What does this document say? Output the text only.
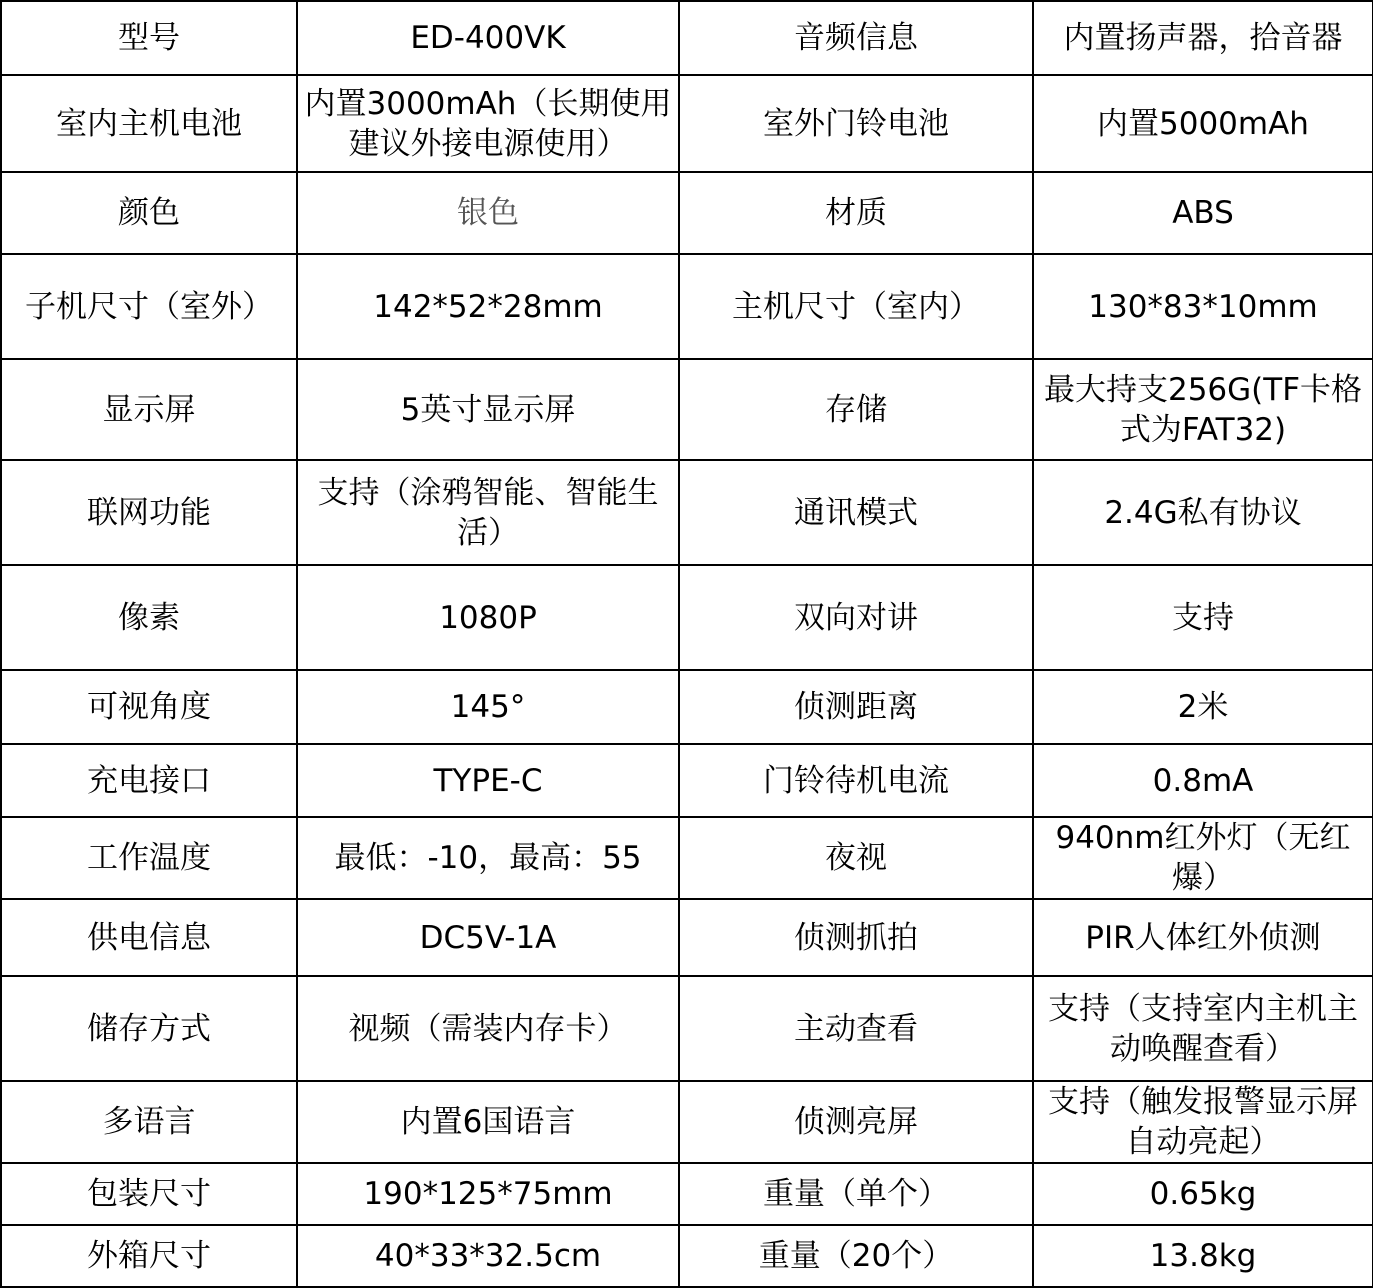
型号	ED-400VK	音频信息	内置扬声器，拾音器
室内主机电池	内置3000mAh（长期使用建议外接电源使用）	室外门铃电池	内置5000mAh
颜色	银色	材质	ABS
子机尺寸（室外）	142*52*28mm	主机尺寸（室内）	130*83*10mm
显示屏	5英寸显示屏	存储	最大持支256G(TF卡格式为FAT32)
联网功能	支持（涂鸦智能、智能生活）	通讯模式	2.4G私有协议
像素	1080P	双向对讲	支持
可视角度	145°	侦测距离	2米
充电接口	TYPE-C	门铃待机电流	0.8mA
工作温度	最低：-10，最高：55	夜视	940nm红外灯（无红爆）
供电信息	DC5V-1A	侦测抓拍	PIR人体红外侦测
储存方式	视频（需装内存卡）	主动查看	支持（支持室内主机主动唤醒查看）
多语言	内置6国语言	侦测亮屏	支持（触发报警显示屏自动亮起）
包装尺寸	190*125*75mm	重量（单个）	0.65kg
外箱尺寸	40*33*32.5cm	重量（20个）	13.8kg
